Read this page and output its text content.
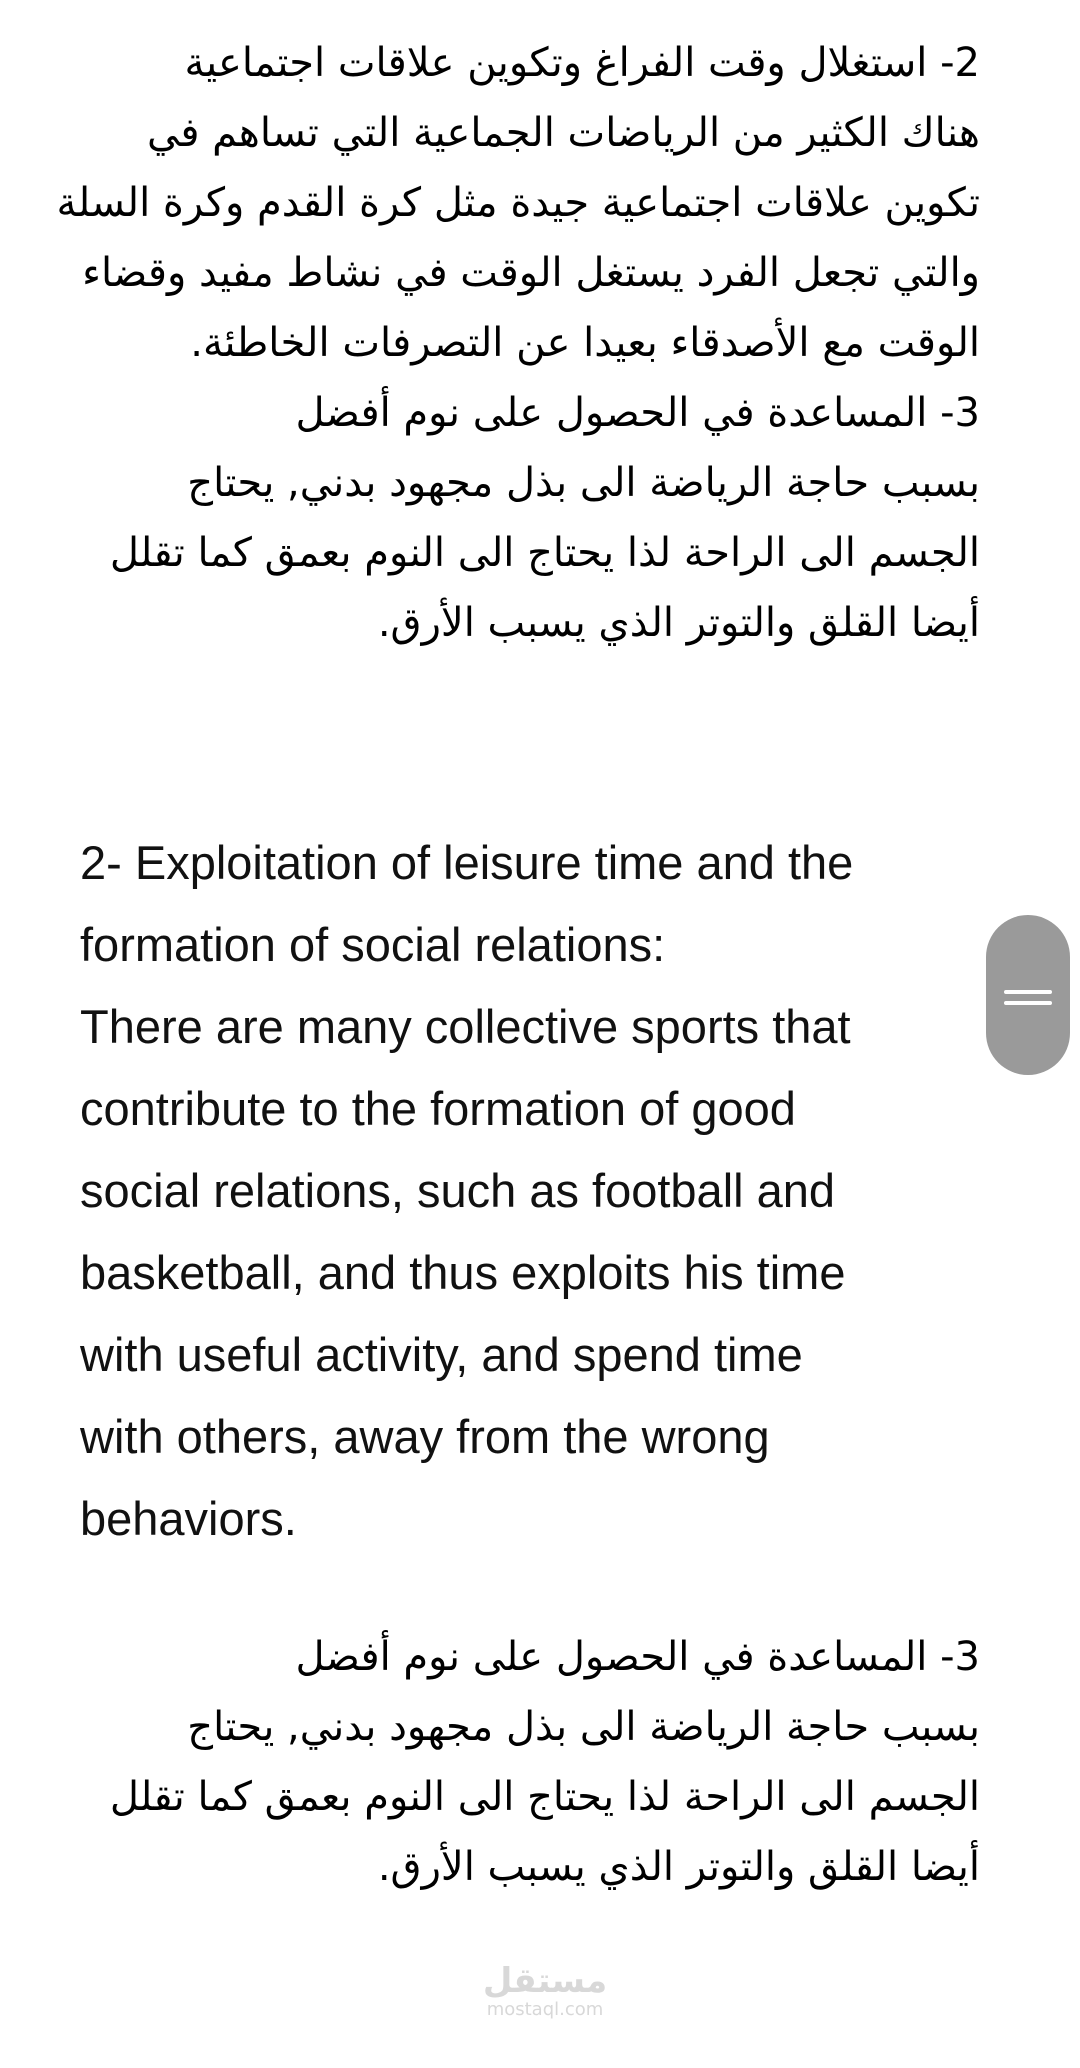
2- استغلال وقت الفراغ وتكوين علاقات اجتماعية
هناك الكثير من الرياضات الجماعية التي تساهم في
تكوين علاقات اجتماعية جيدة مثل كرة القدم وكرة السلة
والتي تجعل الفرد يستغل الوقت في نشاط مفيد وقضاء
الوقت مع الأصدقاء بعيدا عن التصرفات الخاطئة.
3- المساعدة في الحصول على نوم أفضل
بسبب حاجة الرياضة الى بذل مجهود بدني, يحتاج
الجسم الى الراحة لذا يحتاج الى النوم بعمق كما تقلل
أيضا القلق والتوتر الذي يسبب الأرق.
2- Exploitation of leisure time and the
formation of social relations:
There are many collective sports that
contribute to the formation of good
social relations, such as football and
basketball, and thus exploits his time
with useful activity, and spend time
with others, away from the wrong
behaviors.
3- المساعدة في الحصول على نوم أفضل
بسبب حاجة الرياضة الى بذل مجهود بدني, يحتاج
الجسم الى الراحة لذا يحتاج الى النوم بعمق كما تقلل
أيضا القلق والتوتر الذي يسبب الأرق.
مستقل
mostaql.com
